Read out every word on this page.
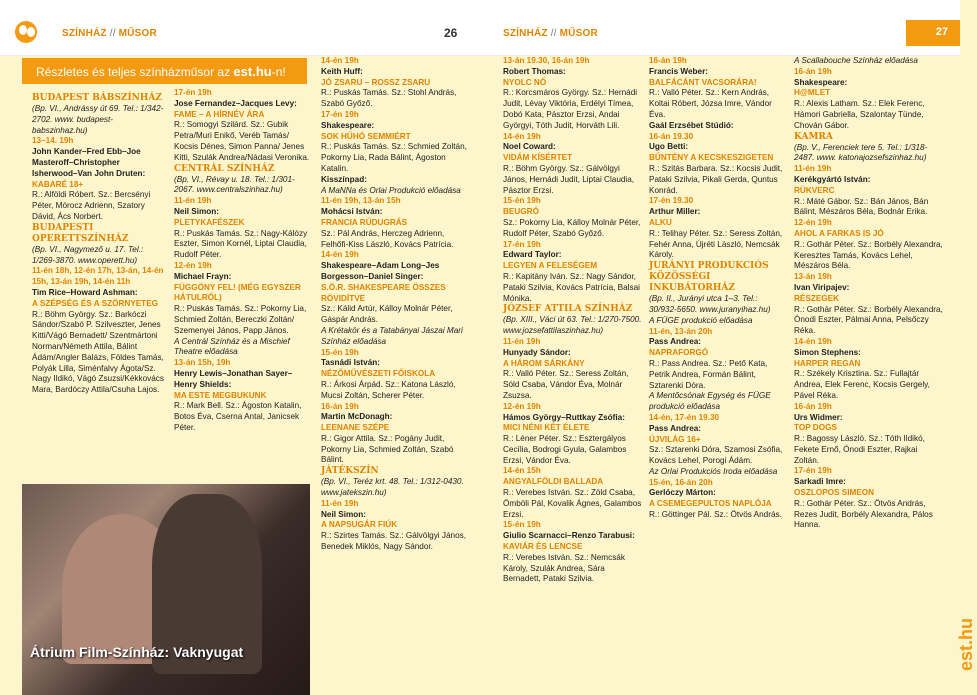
SZÍNHÁZ // MŰSOR	26	SZÍNHÁZ // MŰSOR	27
Részletes és teljes színházműsor az est.hu-n!
BUDAPEST BÁBSZÍNHÁZ
(Bp. VI., Andrássy út 69. Tel.: 1/342-2702. www. budapest-babszinhaz.hu)
13–14. 19h
John Kander–Fred Ebb–Joe Masteroff–Christopher Isherwood–Van John Druten:
KABARÉ 18+
R.: Alföldi Róbert. Sz.: Bercsényi Péter, Mórocz Adrienn, Szatory Dávid, Ács Norbert.
BUDAPESTI OPERETTSZÍNHÁZ
(Bp. VI., Nagymező u. 17. Tel.: 1/269-3870. www.operett.hu)
11-én 18h, 12-én 17h, 13-án, 14-én 15h, 13-án 19h, 14-én 11h
Tim Rice–Howard Ashman:
A SZÉPSÉG ÉS A SZÖRNYETEG
R.: Böhm György. Sz.: Barkóczi Sándor/Szabó P. Szilveszter, Jenes Kitti/Vágó Bernadett/ Szentmártoni Norman/Németh Attila, Bálint Ádám/Angler Balázs, Földes Tamás, Polyák Lilla, Siménfalvy Ágota/Sz. Nagy Ildikó, Vágó Zsuzsi/Kékkovács Mara, Bardóczy Attila/Csuha Lajos.
17-én 19h
Jose Fernandez–Jacques Levy:
FAME – A HÍRNÉV ÁRA
R.: Somogyi Szilárd. Sz.: Gubik Petra/Muri Enikő, Veréb Tamás/ Kocsis Dénes, Simon Panna/ Jenes Kitti, Szulák Andrea/Nádasi Veronika.
CENTRÁL SZÍNHÁZ
(Bp. VI., Révay u. 18. Tel.: 1/301-2067. www.centralszinhaz.hu)
11-én 19h
Neil Simon:
PLETYKAFÉSZEK
R.: Puskás Tamás. Sz.: Nagy-Kálózy Eszter, Simon Kornél, Liptai Claudia, Rudolf Péter.
12-én 19h
Michael Frayn:
FÜGGÖNY FEL! (MÉG EGYSZER HÁTULRÓL)
R.: Puskás Tamás. Sz.: Pokorny Lia, Schmied Zoltán, Bereczki Zoltán/ Szemenyei János, Papp János.
A Centrál Színház és a Mischief Theatre előadása
13-án 15h, 19h
Henry Lewis–Jonathan Sayer–Henry Shields:
MA ESTE MEGBUKUNK
R.: Mark Bell. Sz.: Ágoston Katalin, Botos Éva, Cserna Antal, Janicsek Péter.
14-én 19h
Keith Huff:
JÓ ZSARU – ROSSZ ZSARU
R.: Puskás Tamás. Sz.: Stohl András, Szabó Győző.
17-én 19h
Shakespeare:
SOK HŰHÓ SEMMIÉRT
R.: Puskás Tamás. Sz.: Schmied Zoltán, Pokorny Lia, Rada Bálint, Ágoston Katalin.
Kisszínpad:
A MaNNa és Orlai Produkció előadása
11-én 19h, 13-án 15h
Mohácsi István:
FRANCIA RÚDUGRÁS
Sz.: Pál András, Herczeg Adrienn, Felhőfi-Kiss László, Kovács Patrícia.
14-én 19h
Shakespeare–Adam Long–Jes Borgesson–Daniel Singer:
S.Ö.R. SHAKESPEARE ÖSSZES RÖVIDÍTVE
Sz.: Kálid Artúr, Kálloy Molnár Péter, Gáspár András.
A Krétakör és a Tatabányai Jászai Mari Színház előadása
15-én 19h
Tasnádi István:
NÉZŐMŰVÉSZETI FŐISKOLA
R.: Árkosi Árpád. Sz.: Katona László, Mucsi Zoltán, Scherer Péter.
16-án 19h
Martin McDonagh:
LEENANE SZÉPE
R.: Gigor Attila. Sz.: Pogány Judit, Pokorny Lia, Schmied Zoltán, Szabó Bálint.
JÁTÉKSZÍN
(Bp. VI., Teréz krt. 48. Tel.: 1/312-0430. www.jatekszin.hu)
11-én 19h
Neil Simon:
A NAPSUGÁR FIÚK
R.: Szirtes Tamás. Sz.: Gálvölgyi János, Benedek Miklós, Nagy Sándor.
13-án 19.30, 16-án 19h
Robert Thomas:
NYOLC NŐ
R.: Korcsmáros György. Sz.: Hernádi Judit, Lévay Viktória, Erdélyi Tímea, Dobó Kata, Pásztor Erzsi, Andai Györgyi, Tóth Judit, Horváth Lili.
14-én 19h
Noel Coward:
VIDÁM KÍSÉRTET
R.: Böhm György. Sz.: Gálvölgyi János, Hernádi Judit, Liptai Claudia, Pásztor Erzsi.
15-én 19h
BEUGRÓ
Sz.: Pokorny Lia, Kálloy Molnár Péter, Rudolf Péter, Szabó Győző.
17-én 19h
Edward Taylor:
LEGYEN A FELESÉGEM
R.: Kapitány Iván. Sz.: Nagy Sándor, Pataki Szilvia, Kovács Patrícia, Balsai Mónika.
JÓZSEF ATTILA SZÍNHÁZ
(Bp. XIII., Váci út 63. Tel.: 1/270-7500. www.jozsefattilaszinhaz.hu)
11-én 19h
Hunyady Sándor:
A HÁROM SÁRKÁNY
R.: Valló Péter. Sz.: Seress Zoltán, Sóld Csaba, Vándor Éva, Molnár Zsuzsa.
12-én 19h
Hámos György–Ruttkay Zsófia:
MICI NÉNI KÉT ÉLETE
R.: Léner Péter. Sz.: Esztergályos Cecília, Bodrogi Gyula, Galambos Erzsi, Vándor Éva.
14-én 15h
ANGYALFÖLDI BALLADA
R.: Verebes István. Sz.: Zöld Csaba, Ömböli Pál, Kovalik Ágnes, Galambos Erzsi.
15-én 19h
Giulio Scarnacci–Renzo Tarabusi:
KAVIÁR ÉS LENCSE
R.: Verebes István. Sz.: Nemcsák Károly, Szulák Andrea, Sára Bernadett, Pataki Szilvia.
16-án 19h
Francis Weber:
BALFÁCÁNT VACSORÁRA!
R.: Valló Péter. Sz.: Kern András, Koltai Róbert, Józsa Imre, Vándor Éva.
Gaál Erzsébet Stúdió:
16-án 19.30
Ugo Betti:
BŰNTÉNY A KECSKESZIGETEN
R.: Szitás Barbara. Sz.: Kocsis Judit, Pataki Szilvia, Pikali Gerda, Quntus Konrád.
17-én 19.30
Arthur Miller:
ALKU
R.: Telihay Péter. Sz.: Seress Zoltán, Fehér Anna, Újréti László, Nemcsák Károly.
JURÁNYI PRODUKCIÓS KÖZÖSSÉGI INKUBÁTORHÁZ
(Bp. II., Jurányi utca 1–3. Tel.: 30/932-5650. www.juranyihaz.hu)
A FÜGE produkció előadása
11-én, 13-án 20h
Pass Andrea:
NAPRAFORGÓ
R.: Pass Andrea. Sz.: Pető Kata, Petrik Andrea, Formán Bálint, Sztarenki Dóra.
A Mentőcsónak Egység és FÜGE produkció előadása
14-én, 17-én 19.30
Pass Andrea:
ÚJVILÁG 16+
Sz.: Sztarenki Dóra, Szamosi Zsófia, Kovács Lehel, Porogi Ádám.
Az Orlai Produkciós Iroda előadása
15-én, 16-án 20h
Gerlóczy Márton:
A CSEMEGEPULTOS NAPLÓJA
R.: Göttinger Pál. Sz.: Ötvös András.
A Scallabouche Színház előadása
16-án 19h
Shakespeare:
H@MLET
R.: Alexis Latham. Sz.: Elek Ferenc, Hámori Gabriella, Szalontay Tünde, Chován Gábor.
KAMRA
(Bp. V., Ferenciek tere 5. Tel.: 1/318-2487. www. katonajozsefszinhaz.hu)
11-én 19h
Kerékgyártó István:
RÜKVERC
R.: Máté Gábor. Sz.: Bán János, Bán Bálint, Mészáros Béla, Bodnár Erika.
12-én 19h
AHOL A FARKAS IS JÓ
R.: Gothár Péter. Sz.: Borbély Alexandra, Keresztes Tamás, Kovács Lehel, Mészáros Béla.
13-án 19h
Ivan Viripajev:
RÉSZEGEK
R.: Gothár Péter. Sz.: Borbély Alexandra, Ónodi Eszter, Pálmai Anna, Pelsőczy Réka.
14-én 19h
Simon Stephens:
HARPER REGAN
R.: Székely Krisztina. Sz.: Fullajtár Andrea, Elek Ferenc, Kocsis Gergely, Pável Réka.
16-án 19h
Urs Widmer:
TOP DOGS
R.: Bagossy László. Sz.: Tóth Ildikó, Fekete Ernő, Ónodi Eszter, Rajkai Zoltán.
17-én 19h
Sarkadi Imre:
OSZLOPOS SIMEON
R.: Gothár Péter. Sz.: Ötvös András, Rezes Judit, Borbély Alexandra, Pálos Hanna.
Átrium Film-Színház: Vaknyugat	est.hu
